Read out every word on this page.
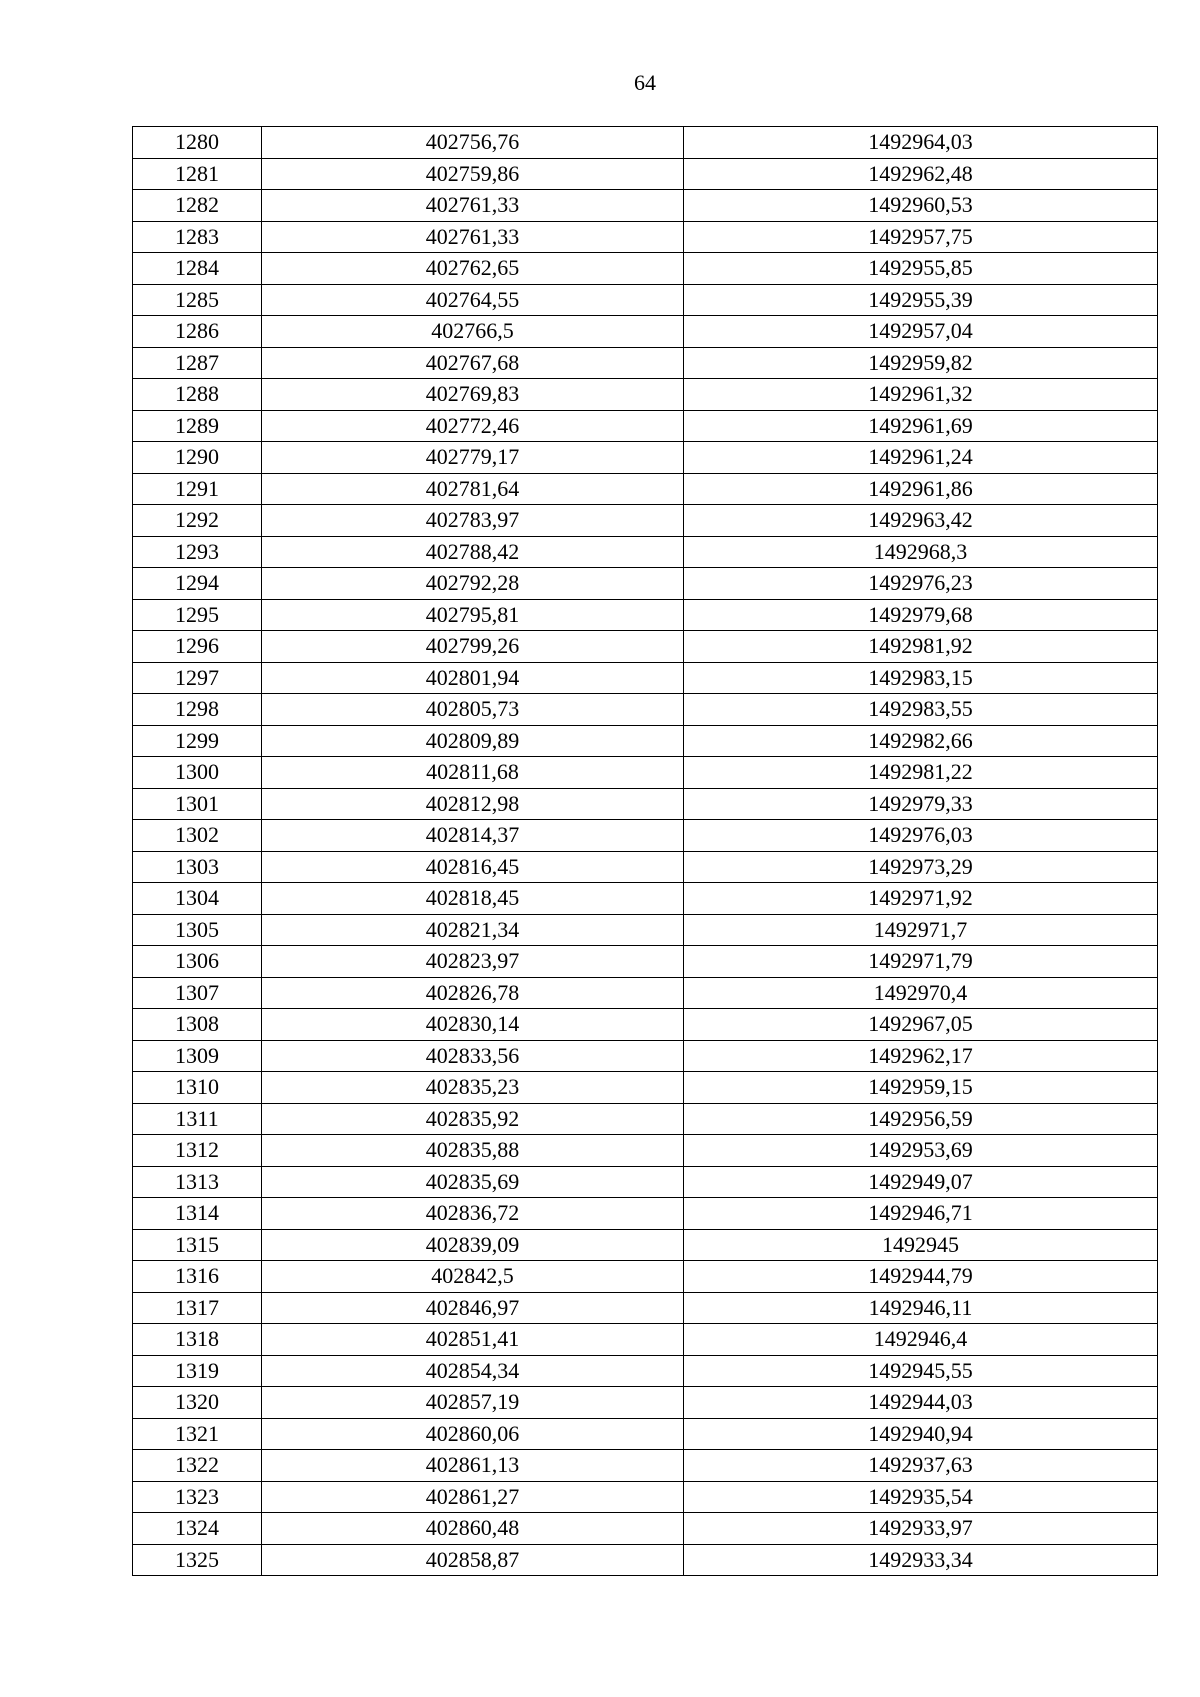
64
1280	402756,76	1492964,03
1281	402759,86	1492962,48
1282	402761,33	1492960,53
1283	402761,33	1492957,75
1284	402762,65	1492955,85
1285	402764,55	1492955,39
1286	402766,5	1492957,04
1287	402767,68	1492959,82
1288	402769,83	1492961,32
1289	402772,46	1492961,69
1290	402779,17	1492961,24
1291	402781,64	1492961,86
1292	402783,97	1492963,42
1293	402788,42	1492968,3
1294	402792,28	1492976,23
1295	402795,81	1492979,68
1296	402799,26	1492981,92
1297	402801,94	1492983,15
1298	402805,73	1492983,55
1299	402809,89	1492982,66
1300	402811,68	1492981,22
1301	402812,98	1492979,33
1302	402814,37	1492976,03
1303	402816,45	1492973,29
1304	402818,45	1492971,92
1305	402821,34	1492971,7
1306	402823,97	1492971,79
1307	402826,78	1492970,4
1308	402830,14	1492967,05
1309	402833,56	1492962,17
1310	402835,23	1492959,15
1311	402835,92	1492956,59
1312	402835,88	1492953,69
1313	402835,69	1492949,07
1314	402836,72	1492946,71
1315	402839,09	1492945
1316	402842,5	1492944,79
1317	402846,97	1492946,11
1318	402851,41	1492946,4
1319	402854,34	1492945,55
1320	402857,19	1492944,03
1321	402860,06	1492940,94
1322	402861,13	1492937,63
1323	402861,27	1492935,54
1324	402860,48	1492933,97
1325	402858,87	1492933,34
